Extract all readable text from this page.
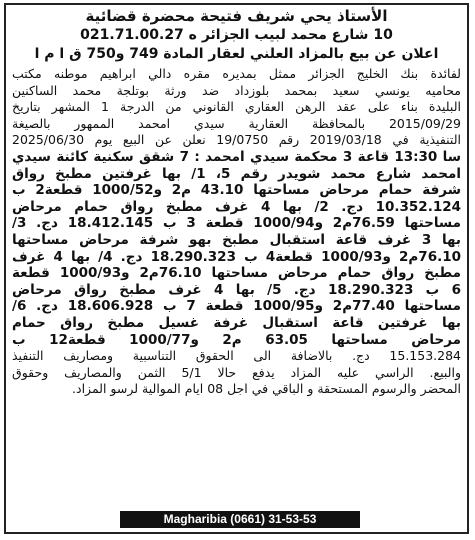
الأستاذ يحي شريف فتيحة محضرة قضائية
10 شارع محمد لبيب الجزائر ه 021.71.00.27
اعلان عن بيع بالمزاد العلني لعقار المادة 749 و750 ق ا م ا
لفائدة بنك الخليج الجزائر ممثل بمديره مقره دالي ابراهيم موطنه مكتب
محاميه يونسي سعيد بمحمد بلوزداد ضد ورثة بوتلجة محمد الساكنين
البليدة بناء على عقد الرهن العقاري القانوني من الدرجة 1 المشهر بتاريخ
2015/09/29 بالمحافظة العقارية سيدي امحمد الممهور بالصيغة
التنفيذية في 2019/03/18 رقم 19/0750 نعلن عن البيع يوم 2025/06/30
سا 13:30 قاعة 3 محكمة سيدي امحمد : 7 شقق سكنية كائنة سيدي
امحمد شارع محمد شويدر رقم 5، 1/ بها غرفتين مطبخ رواق
شرفة حمام مرحاض مساحتها 43.10 م2 و1000/52 قطعة2 ب
10.352.124 دج. 2/ بها 4 غرف مطبخ رواق حمام مرحاض
مساحتها 76.59م2 و1000/94 قطعة 3 ب 18.412.145 دج. 3/
بها 3 غرف قاعة استقبال مطبخ بهو شرفة مرحاض مساحتها
76.10م2 و1000/93 قطعة4 ب 18.290.323 دج. 4/ بها 4 غرف
مطبخ رواق حمام مرحاض مساحتها 76.10م2 و1000/93 قطعة
6 ب 18.290.323 دج. 5/ بها 4 غرف مطبخ رواق مرحاض
مساحتها 77.40م2 و1000/95 قطعة 7 ب 18.606.928 دج. 6/
بها غرفتين قاعة استقبال غرفة غسيل مطبخ رواق حمام
مرحاض مساحتها 63.05 م2 و1000/77 قطعة12 ب
15.153.284 دج. بالاضافة الى الحقوق التناسبية ومصاريف التنفيذ
والبيع. الراسي عليه المزاد يدفع حالا 5/1 الثمن والمصاريف وحقوق
المحضر والرسوم المستحقة و الباقي في اجل 08 ايام الموالية لرسو المزاد.
Magharibia (0661) 31-53-53
